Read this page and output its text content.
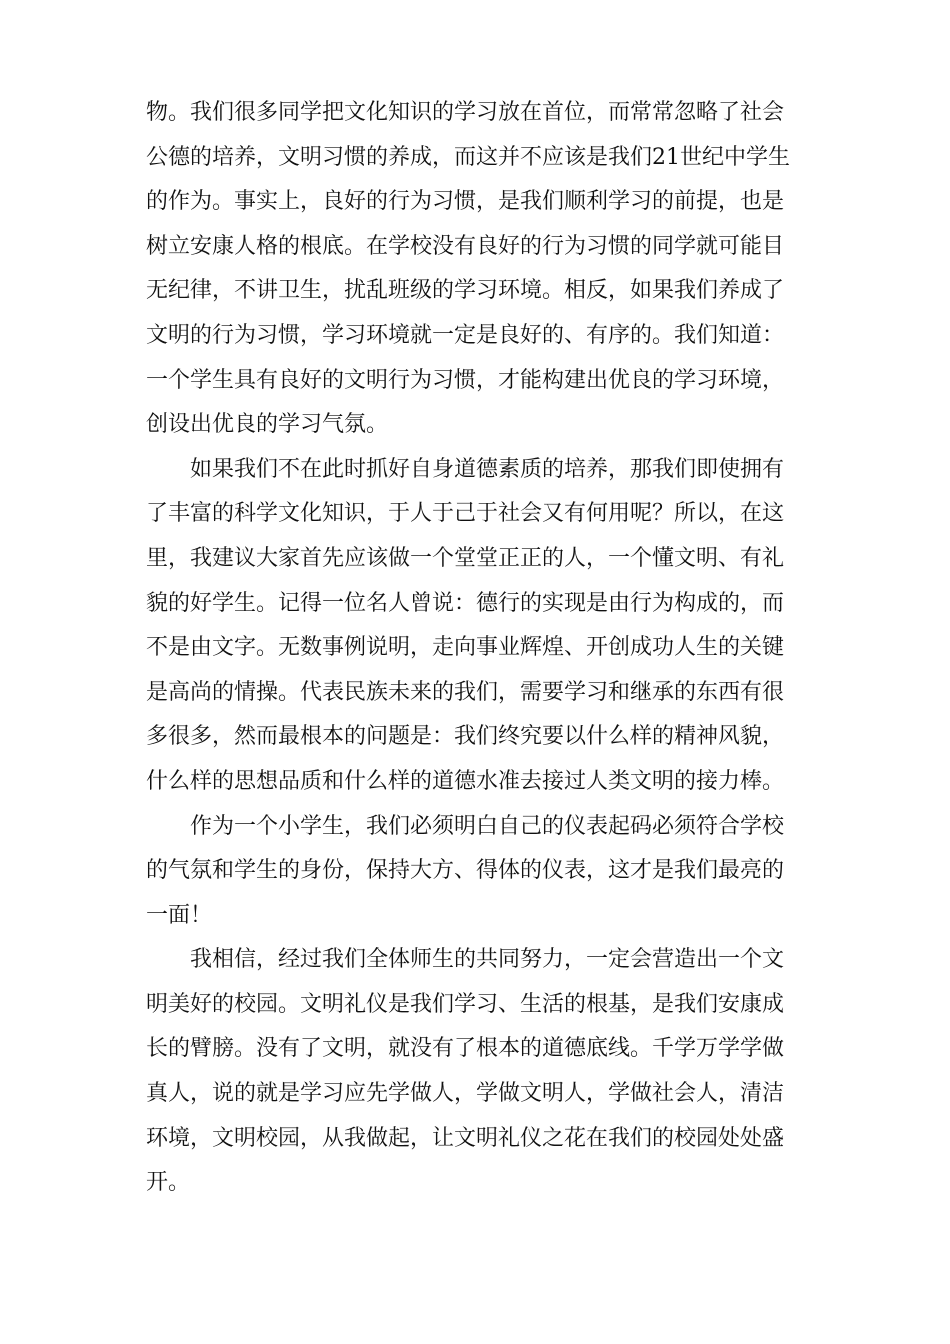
物。我们很多同学把文化知识的学习放在首位，而常常忽略了社会
公德的培养，文明习惯的养成，而这并不应该是我们21世纪中学生
的作为。事实上，良好的行为习惯，是我们顺利学习的前提，也是
树立安康人格的根底。在学校没有良好的行为习惯的同学就可能目
无纪律，不讲卫生，扰乱班级的学习环境。相反，如果我们养成了
文明的行为习惯，学习环境就一定是良好的、有序的。我们知道：
一个学生具有良好的文明行为习惯，才能构建出优良的学习环境，
创设出优良的学习气氛。
如果我们不在此时抓好自身道德素质的培养，那我们即使拥有
了丰富的科学文化知识，于人于己于社会又有何用呢？所以，在这
里，我建议大家首先应该做一个堂堂正正的人，一个懂文明、有礼
貌的好学生。记得一位名人曾说：德行的实现是由行为构成的，而
不是由文字。无数事例说明，走向事业辉煌、开创成功人生的关键
是高尚的情操。代表民族未来的我们，需要学习和继承的东西有很
多很多，然而最根本的问题是：我们终究要以什么样的精神风貌，
什么样的思想品质和什么样的道德水准去接过人类文明的接力棒。
作为一个小学生，我们必须明白自己的仪表起码必须符合学校
的气氛和学生的身份，保持大方、得体的仪表，这才是我们最亮的
一面！
我相信，经过我们全体师生的共同努力，一定会营造出一个文
明美好的校园。文明礼仪是我们学习、生活的根基，是我们安康成
长的臂膀。没有了文明，就没有了根本的道德底线。千学万学学做
真人，说的就是学习应先学做人，学做文明人，学做社会人，清洁
环境，文明校园，从我做起，让文明礼仪之花在我们的校园处处盛
开。
